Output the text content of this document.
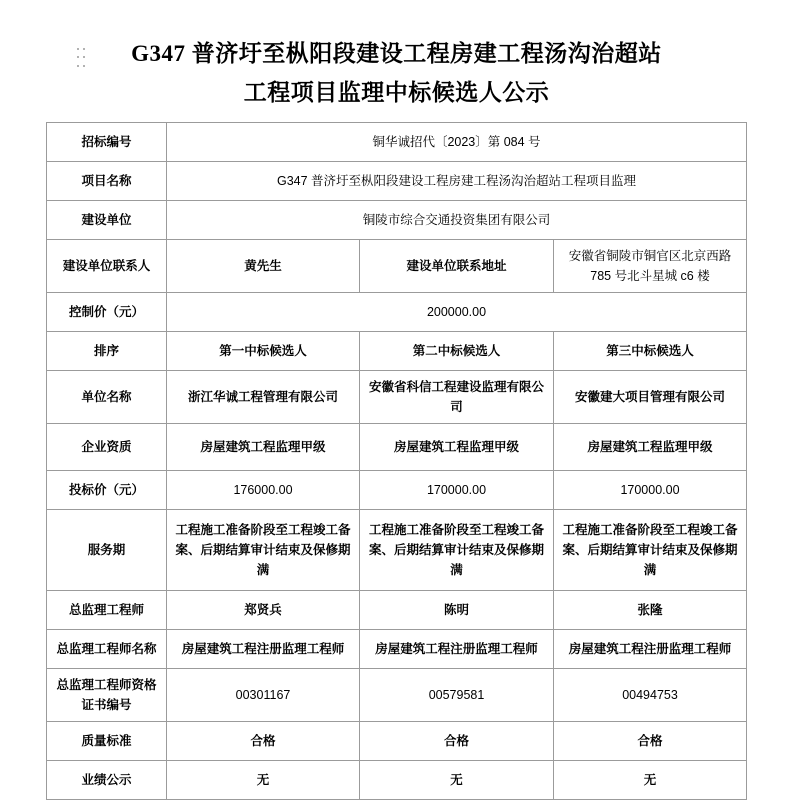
G347 普济圩至枞阳段建设工程房建工程汤沟治超站
工程项目监理中标候选人公示
招标编号	铜华诚招代〔2023〕第 084 号		
项目名称	G347 普济圩至枞阳段建设工程房建工程汤沟治超站工程项目监理		
建设单位	铜陵市综合交通投资集团有限公司		
建设单位联系人	黄先生	建设单位联系地址	安徽省铜陵市铜官区北京西路 785 号北斗星城 c6 楼
控制价（元）	200000.00		
排序	第一中标候选人	第二中标候选人	第三中标候选人
单位名称	浙江华诚工程管理有限公司	安徽省科信工程建设监理有限公司	安徽建大项目管理有限公司
企业资质	房屋建筑工程监理甲级	房屋建筑工程监理甲级	房屋建筑工程监理甲级
投标价（元）	176000.00	170000.00	170000.00
服务期	工程施工准备阶段至工程竣工备案、后期结算审计结束及保修期满	工程施工准备阶段至工程竣工备案、后期结算审计结束及保修期满	工程施工准备阶段至工程竣工备案、后期结算审计结束及保修期满
总监理工程师	郑贤兵	陈明	张隆
总监理工程师名称	房屋建筑工程注册监理工程师	房屋建筑工程注册监理工程师	房屋建筑工程注册监理工程师
总监理工程师资格证书编号	00301167	00579581	00494753
质量标准	合格	合格	合格
业绩公示	无	无	无
